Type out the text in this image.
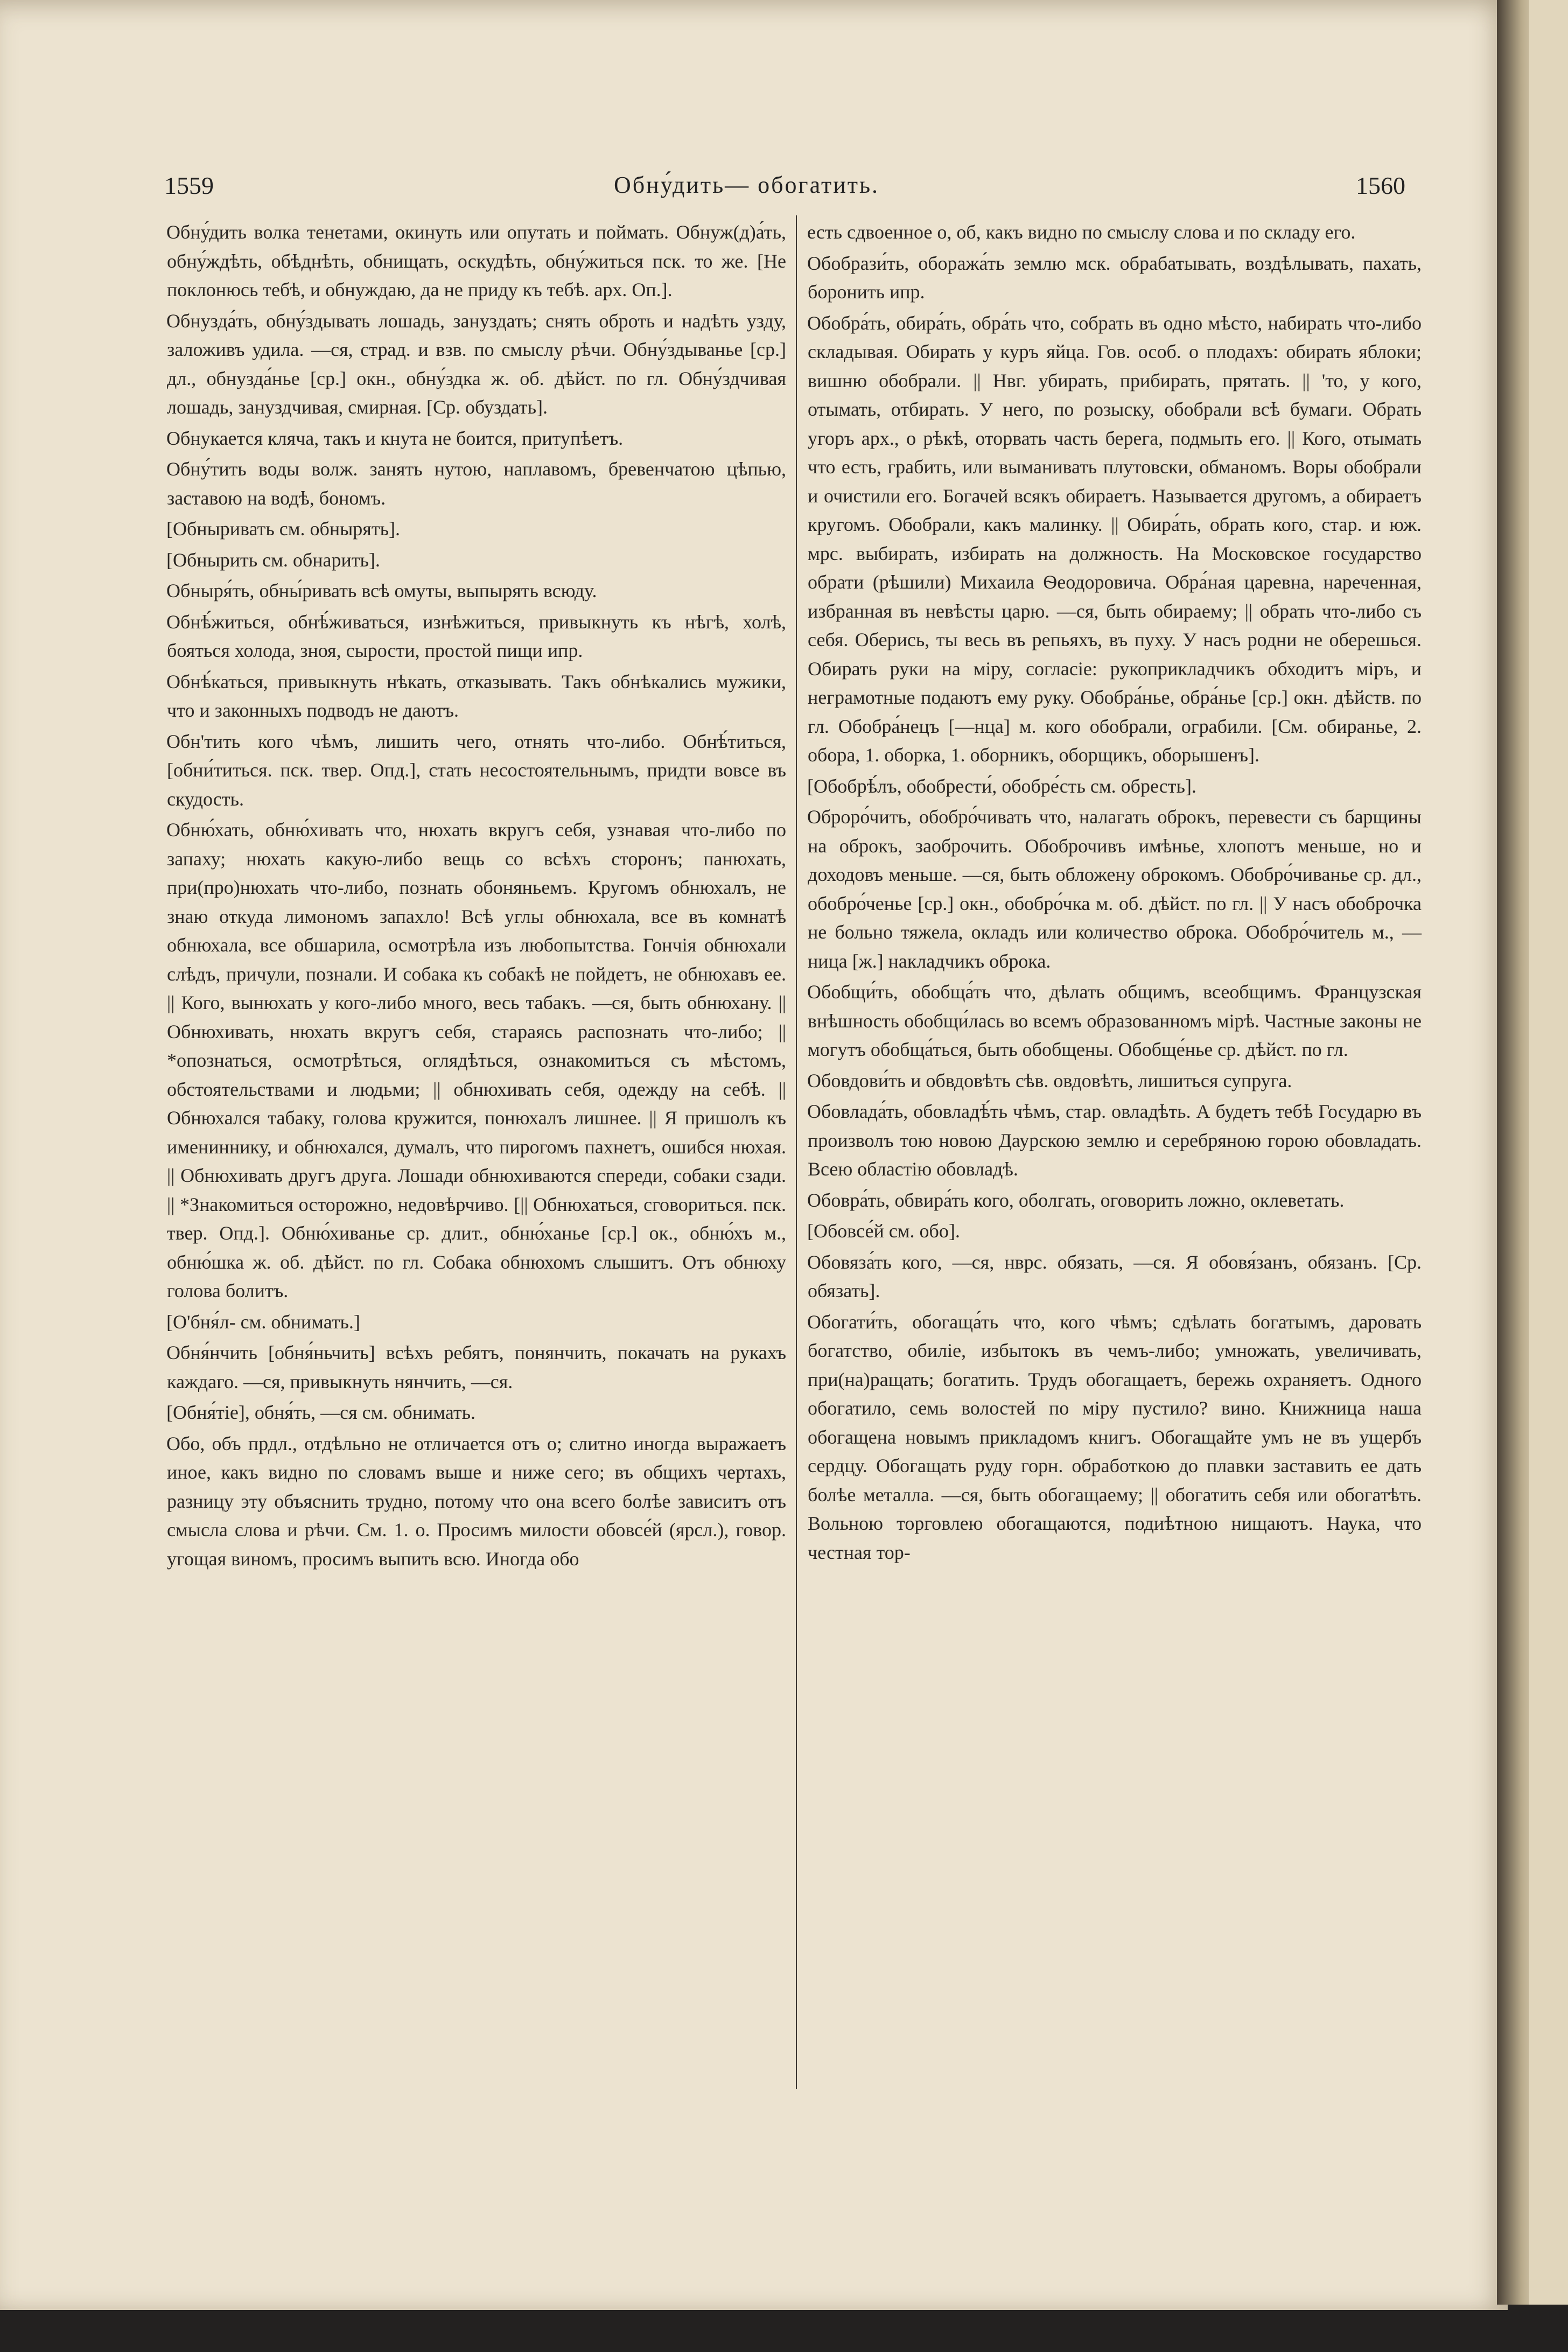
1559	Обну́дить— обогатить.	1560
Обну́дить волка тенетами, окинуть или опутать и поймать. Обнуж(д)а́ть, обну́ждѣть, обѣднѣть, обнищать, оскудѣть, обну́житься пск. то же. [Не поклонюсь тебѣ, и обнуждаю, да не приду къ тебѣ. арх. Оп.].
Обнузда́ть, обну́здывать лошадь, зануздать; снять оброть и надѣть узду, заложивъ удила. —ся, страд. и взв. по смыслу рѣчи. Обну́здыванье [ср.] дл., обнузда́нье [ср.] окн., обну́здка ж. об. дѣйст. по гл. Обну́здчивая лошадь, зануздчивая, смирная. [Ср. обуздать].
Обнукается кляча, такъ и кнута не боится, притупѣетъ.
Обну́тить воды волж. занять нутою, наплавомъ, бревенчатою цѣпью, заставою на водѣ, бономъ.
[Обныривать см. обнырять].
[Обнырить см. обнарить].
Обныря́ть, обны́ривать всѣ омуты, выпырять всюду.
Обнѣ́житься, обнѣ́живаться, изнѣжиться, привыкнуть къ нѣгѣ, холѣ, бояться холода, зноя, сырости, простой пищи ипр.
Обнѣ́каться, привыкнуть нѣкать, отказывать. Такъ обнѣкались мужики, что и законныхъ подводъ не даютъ.
Обн'тить кого чѣмъ, лишить чего, отнять что-либо. Обнѣ́титься, [обни́титься. пск. твер. Опд.], стать несостоятельнымъ, придти вовсе въ скудость.
Обню́хать, обню́хивать что, нюхать вкругъ себя, узнавая что-либо по запаху; нюхать какую-либо вещь со всѣхъ сторонъ; панюхать, при(про)нюхать что-либо, познать обоняньемъ. Кругомъ обнюхалъ, не знаю откуда лимономъ запахло! Всѣ углы обнюхала, все въ комнатѣ обнюхала, все обшарила, осмотрѣла изъ любопытства. Гончія обнюхали слѣдъ, причули, познали. И собака къ собакѣ не пойдетъ, не обнюхавъ ее. || Кого, вынюхать у кого-либо много, весь табакъ. —ся, быть обнюхану. || Обнюхивать, нюхать вкругъ себя, стараясь распознать что-либо; || *опознаться, осмотрѣться, оглядѣться, ознакомиться съ мѣстомъ, обстоятельствами и людьми; || обнюхивать себя, одежду на себѣ. || Обнюхался табаку, голова кружится, понюхалъ лишнее. || Я пришолъ къ имениннику, и обнюхался, думалъ, что пирогомъ пахнетъ, ошибся нюхая. || Обнюхивать другъ друга. Лошади обнюхиваются спереди, собаки сзади. || *Знакомиться осторожно, недовѣрчиво. [|| Обнюхаться, сговориться. пск. твер. Опд.]. Обню́хиванье ср. длит., обню́ханье [ср.] ок., обню́хъ м., обню́шка ж. об. дѣйст. по гл. Собака обнюхомъ слышитъ. Отъ обнюху голова болитъ.
[О'бня́л- см. обнимать.]
Обня́нчить [обня́ньчить] всѣхъ ребятъ, понянчить, покачать на рукахъ каждаго. —ся, привыкнуть нянчить, —ся.
[Обня́тіе], обня́ть, —ся см. обнимать.
Обо, объ прдл., отдѣльно не отличается отъ о; слитно иногда выражаетъ иное, какъ видно по словамъ выше и ниже сего; въ общихъ чертахъ, разницу эту объяснить трудно, потому что она всего болѣе зависитъ отъ смысла слова и рѣчи. См. 1. о. Просимъ милости обовсе́й (ярсл.), говор. угощая виномъ, просимъ выпить всю. Иногда обо
есть сдвоенное о, об, какъ видно по смыслу слова и по складу его.
Обобрази́ть, обоража́ть землю мск. обрабатывать, воздѣлывать, пахать, боронить ипр.
Обобра́ть, обира́ть, обра́ть что, собрать въ одно мѣсто, набирать что-либо складывая. Обирать у куръ яйца. Гов. особ. о плодахъ: обирать яблоки; вишню обобрали. || Нвг. убирать, прибирать, прятать. || 'то, у кого, отымать, отбирать. У него, по розыску, обобрали всѣ бумаги. Обрать угоръ арх., о рѣкѣ, оторвать часть берега, подмыть его. || Кого, отымать что есть, грабить, или выманивать плутовски, обманомъ. Воры обобрали и очистили его. Богачей всякъ обираетъ. Называется другомъ, а обираетъ кругомъ. Обобрали, какъ малинку. || Обира́ть, обрать кого, стар. и юж. мрс. выбирать, избирать на должность. На Московское государство обрати (рѣшили) Михаила Ѳеодоровича. Обра́ная царевна, нареченная, избранная въ невѣсты царю. —ся, быть обираему; || обрать что-либо съ себя. Оберись, ты весь въ репьяхъ, въ пуху. У насъ родни не оберешься. Обирать руки на міру, согласіе: рукоприкладчикъ обходитъ міръ, и неграмотные подаютъ ему руку. Обобра́нье, обра́нье [ср.] окн. дѣйств. по гл. Обобра́нецъ [—нца] м. кого обобрали, ограбили. [См. обиранье, 2. обора, 1. оборка, 1. оборникъ, оборщикъ, оборышенъ].
[Обобрѣ́лъ, обобрести́, обобре́сть см. обресть].
Оброро́чить, обобро́чивать что, налагать оброкъ, перевести съ барщины на оброкъ, заоброчить. Обоброчивъ имѣнье, хлопотъ меньше, но и доходовъ меньше. —ся, быть обложену оброкомъ. Обобро́чиванье ср. дл., обобро́ченье [ср.] окн., обобро́чка м. об. дѣйст. по гл. || У насъ обоброчка не больно тяжела, окладъ или количество оброка. Обобро́читель м., —ница [ж.] накладчикъ оброка.
Обобщи́ть, обобща́ть что, дѣлать общимъ, всеобщимъ. Французская внѣшность обобщи́лась во всемъ образованномъ мірѣ. Частные законы не могутъ обобща́ться, быть обобщены. Обобще́нье ср. дѣйст. по гл.
Обовдови́ть и обвдовѣть сѣв. овдовѣть, лишиться супруга.
Обовлада́ть, обовладѣ́ть чѣмъ, стар. овладѣть. А будетъ тебѣ Государю въ произволъ тою новою Даурскою землю и серебряною горою обовладать. Всею областію обовладѣ.
Обовра́ть, обвира́ть кого, оболгать, оговорить ложно, оклеветать.
[Обовсе́й см. обо].
Обовяза́ть кого, —ся, нврс. обязать, —ся. Я обовя́занъ, обязанъ. [Ср. обязать].
Обогати́ть, обогаща́ть что, кого чѣмъ; сдѣлать богатымъ, даровать богатство, обиліе, избытокъ въ чемъ-либо; умножать, увеличивать, при(на)ращать; богатить. Трудъ обогащаетъ, бережь охраняетъ. Одного обогатило, семь волостей по міру пустило? вино. Книжница наша обогащена новымъ прикладомъ книгъ. Обогащайте умъ не въ ущербъ сердцу. Обогащать руду горн. обработкою до плавки заставить ее дать болѣе металла. —ся, быть обогащаему; || обогатить себя или обогатѣть. Вольною торговлею обогащаются, подиѣтною нищаютъ. Наука, что честная тор-
